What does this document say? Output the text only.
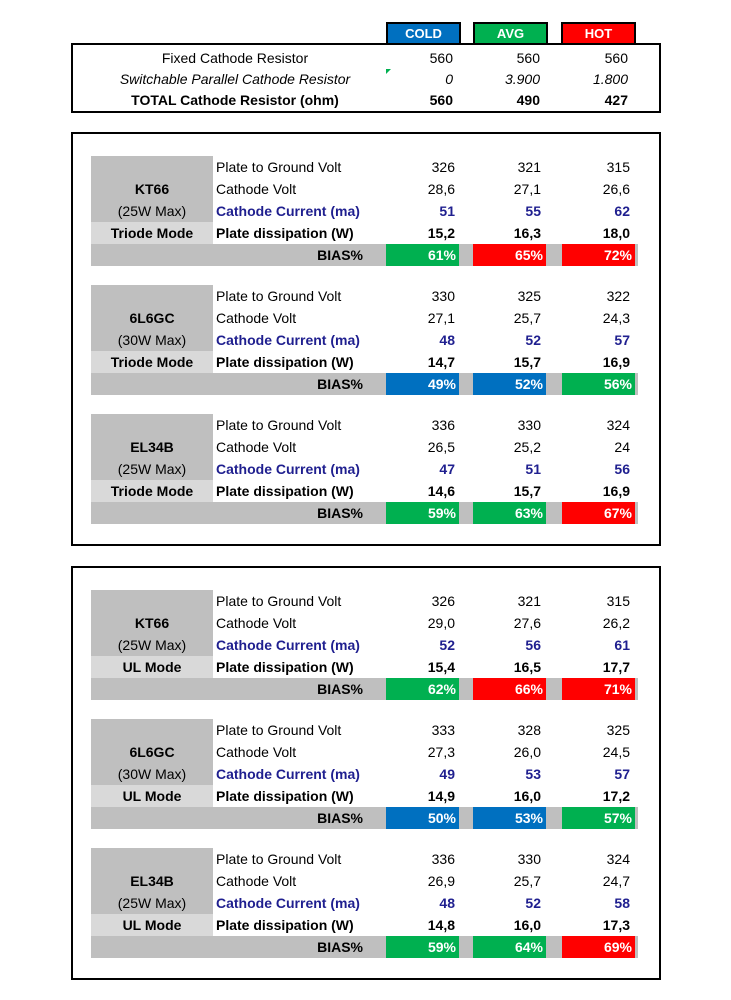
COLD	AVG	HOT
Fixed Cathode Resistor	560	560	560
Switchable Parallel Cathode Resistor	0	3.900	1.800
TOTAL Cathode Resistor (ohm)	560	490	427
KT66
(25W Max)
Triode Mode
Plate to Ground Volt	326	321	315
Cathode Volt	28,6	27,1	26,6
Cathode Current (ma)	51	55	62
Plate dissipation (W)	15,2	16,3	18,0
BIAS%	61%	65%	72%
6L6GC
(30W Max)
Triode Mode
Plate to Ground Volt	330	325	322
Cathode Volt	27,1	25,7	24,3
Cathode Current (ma)	48	52	57
Plate dissipation (W)	14,7	15,7	16,9
BIAS%	49%	52%	56%
EL34B
(25W Max)
Triode Mode
Plate to Ground Volt	336	330	324
Cathode Volt	26,5	25,2	24
Cathode Current (ma)	47	51	56
Plate dissipation (W)	14,6	15,7	16,9
BIAS%	59%	63%	67%
KT66
(25W Max)
UL Mode
Plate to Ground Volt	326	321	315
Cathode Volt	29,0	27,6	26,2
Cathode Current (ma)	52	56	61
Plate dissipation (W)	15,4	16,5	17,7
BIAS%	62%	66%	71%
6L6GC
(30W Max)
UL Mode
Plate to Ground Volt	333	328	325
Cathode Volt	27,3	26,0	24,5
Cathode Current (ma)	49	53	57
Plate dissipation (W)	14,9	16,0	17,2
BIAS%	50%	53%	57%
EL34B
(25W Max)
UL Mode
Plate to Ground Volt	336	330	324
Cathode Volt	26,9	25,7	24,7
Cathode Current (ma)	48	52	58
Plate dissipation (W)	14,8	16,0	17,3
BIAS%	59%	64%	69%
